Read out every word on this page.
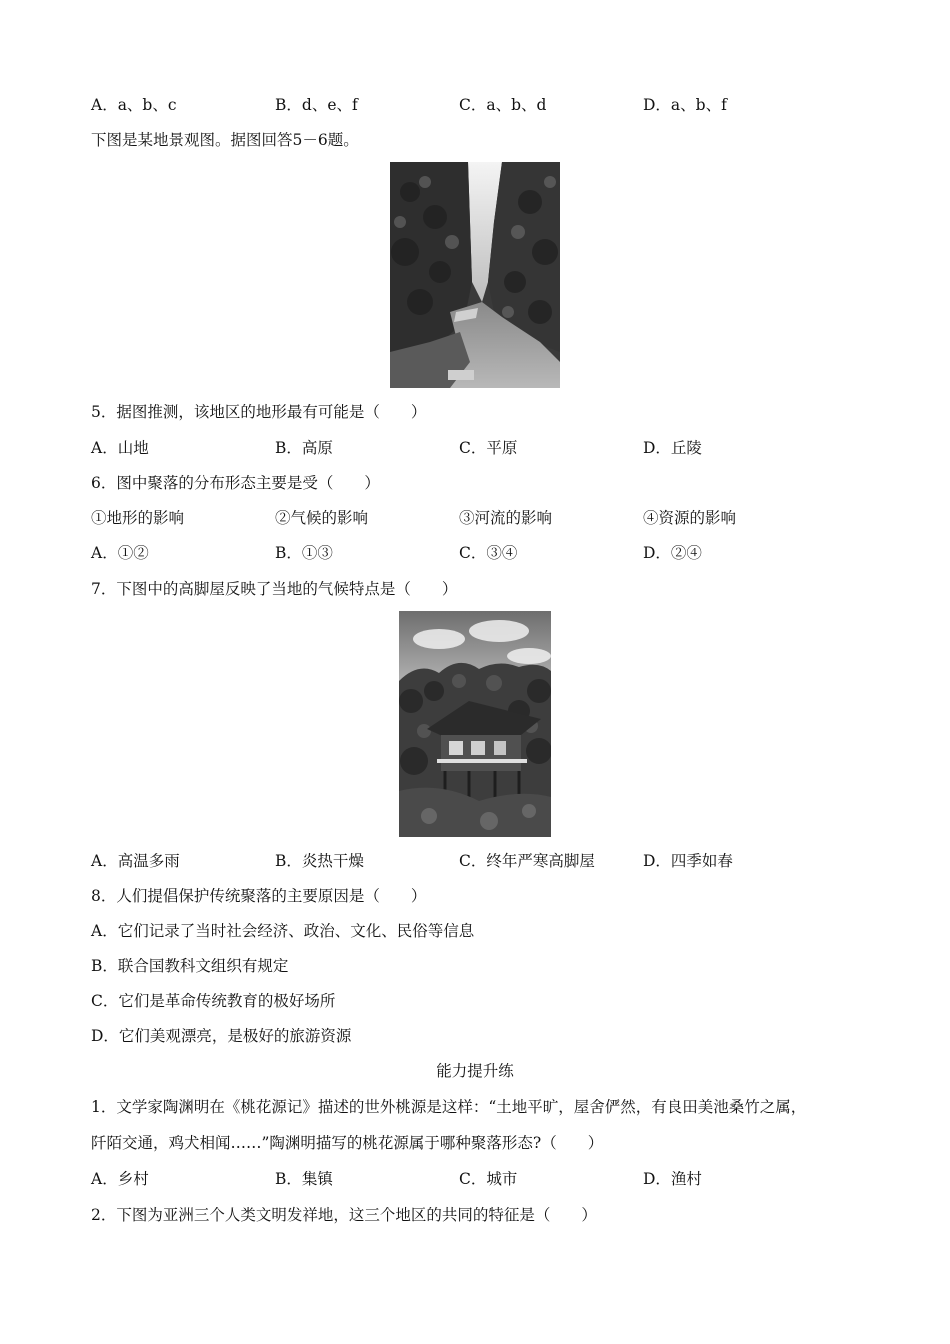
A．a、b、c	B．d、e、f	C．a、b、d	D．a、b、f
下图是某地景观图。据图回答5－6题。
5．据图推测，该地区的地形最有可能是（　　）
A．山地	B．高原	C．平原	D．丘陵
6．图中聚落的分布形态主要是受（　　）
①地形的影响	②气候的影响	③河流的影响	④资源的影响
A．①②	B．①③	C．③④	D．②④
7．下图中的高脚屋反映了当地的气候特点是（　　）
A．高温多雨	B．炎热干燥	C．终年严寒高脚屋	D．四季如春
8．人们提倡保护传统聚落的主要原因是（　　）
A．它们记录了当时社会经济、政治、文化、民俗等信息
B．联合国教科文组织有规定
C．它们是革命传统教育的极好场所
D．它们美观漂亮，是极好的旅游资源
能力提升练
1．文学家陶渊明在《桃花源记》描述的世外桃源是这样：“土地平旷，屋舍俨然，有良田美池桑竹之属，
阡陌交通，鸡犬相闻……”陶渊明描写的桃花源属于哪种聚落形态?（　　）
A．乡村	B．集镇	C．城市	D．渔村
2．下图为亚洲三个人类文明发祥地，这三个地区的共同的特征是（　　）
